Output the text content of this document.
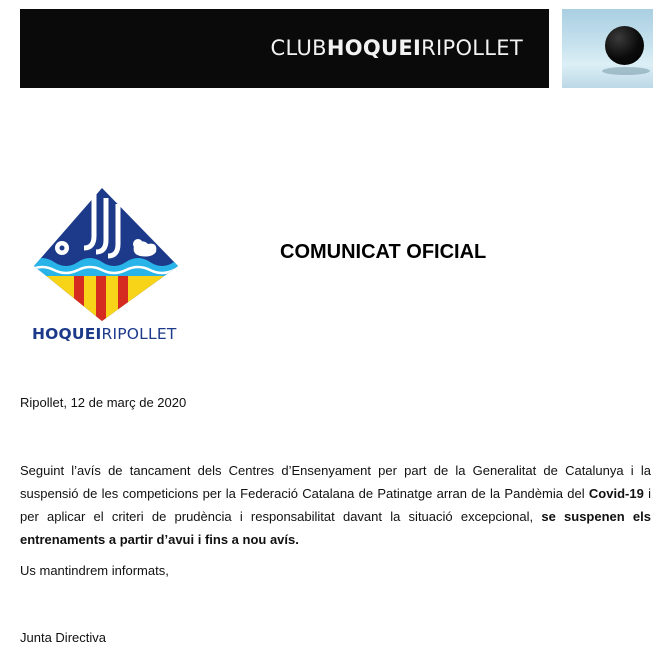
CLUBHOQUEIRIPOLLET
HOQUEIRIPOLLET
COMUNICAT OFICIAL
Ripollet, 12 de març de 2020
Seguint l’avís de tancament dels Centres d’Ensenyament per part de la Generalitat de Catalunya i la suspensió de les competicions per la Federació Catalana de Patinatge arran de la Pandèmia del Covid-19 i per aplicar el criteri de prudència i responsabilitat davant la situació excepcional, se suspenen els entrenaments a partir d’avui i fins a nou avís.
Us mantindrem informats,
Junta Directiva
